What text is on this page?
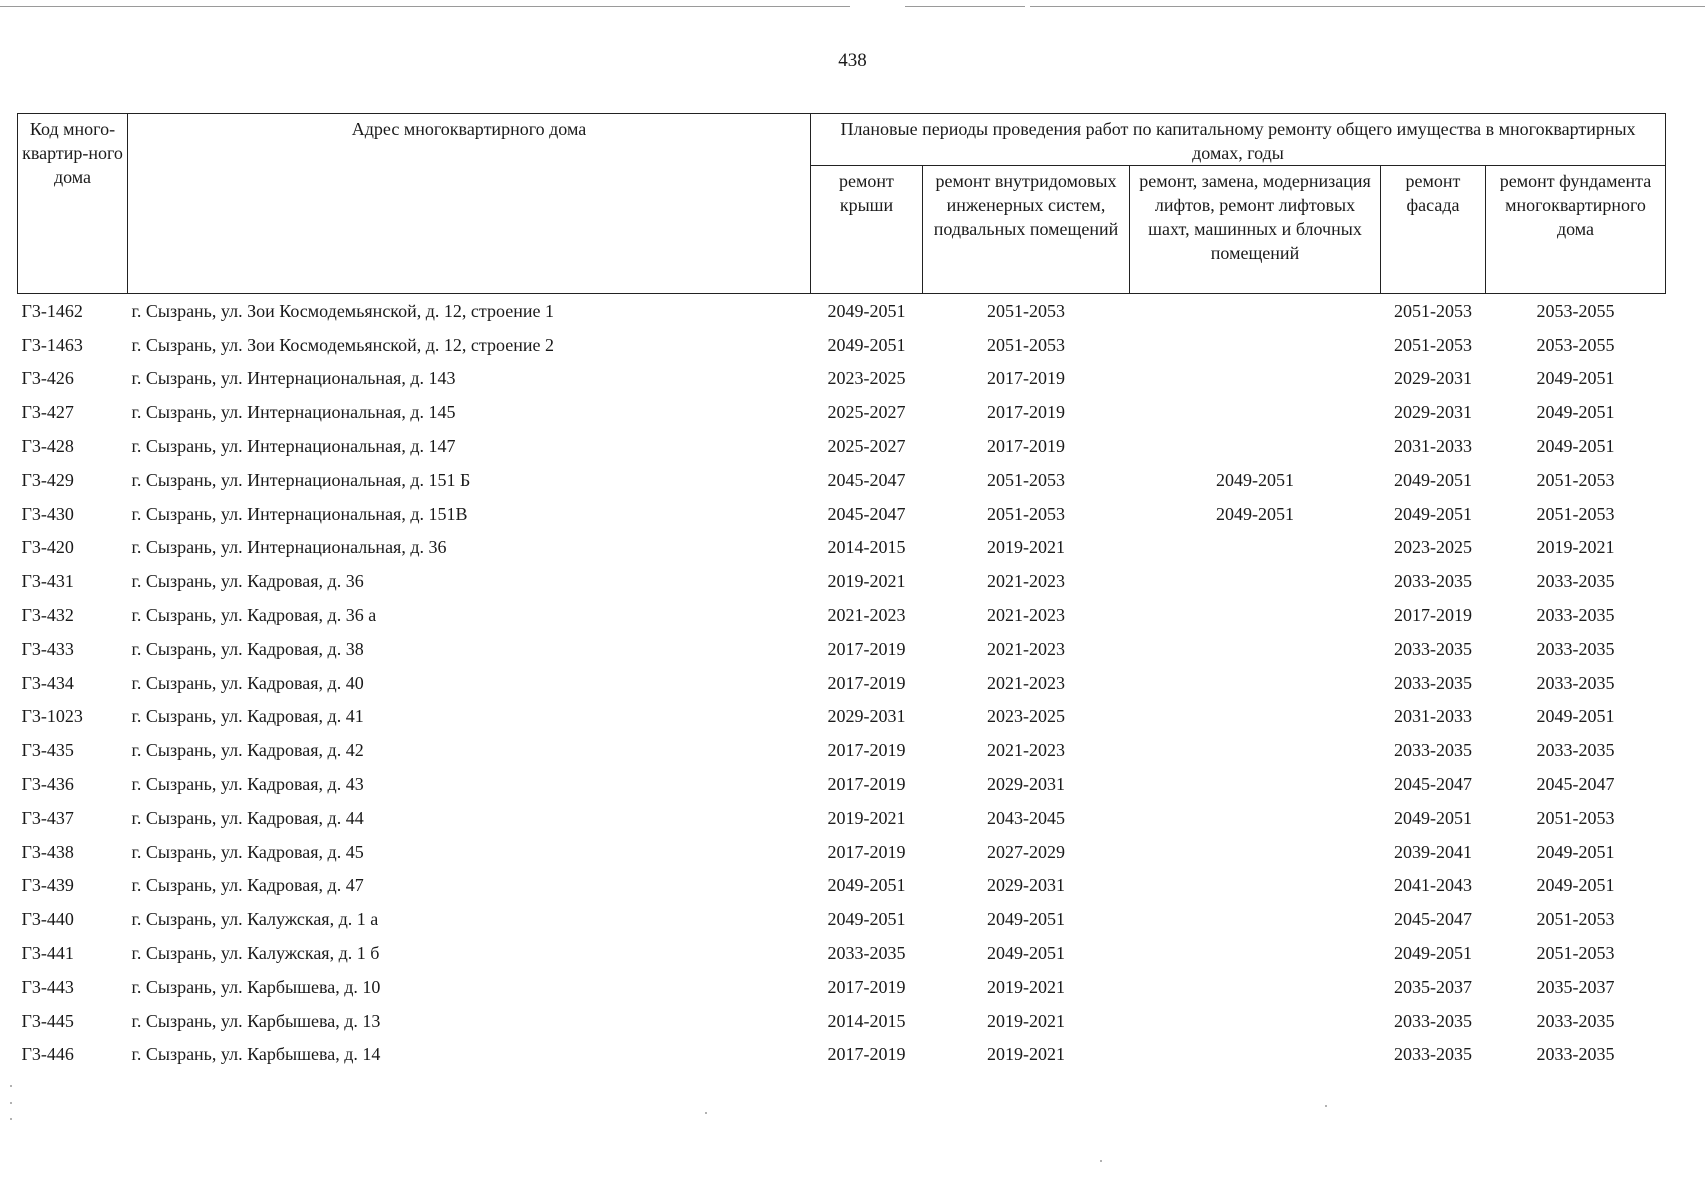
438
Код много-квартир-ного дома	Адрес многоквартирного дома	Плановые периоды проведения работ по капитальному ремонту общего имущества в многоквартирных домах, годы				
		ремонт крыши	ремонт внутридомовых инженерных систем, подвальных помещений	ремонт, замена, модернизация лифтов, ремонт лифтовых шахт, машинных и блочных помещений	ремонт фасада	ремонт фундамента многоквартирного дома
Г3-1462	г. Сызрань, ул. Зои Космодемьянской, д. 12, строение 1	2049-2051	2051-2053		2051-2053	2053-2055
Г3-1463	г. Сызрань, ул. Зои Космодемьянской, д. 12, строение 2	2049-2051	2051-2053		2051-2053	2053-2055
Г3-426	г. Сызрань, ул. Интернациональная, д. 143	2023-2025	2017-2019		2029-2031	2049-2051
Г3-427	г. Сызрань, ул. Интернациональная, д. 145	2025-2027	2017-2019		2029-2031	2049-2051
Г3-428	г. Сызрань, ул. Интернациональная, д. 147	2025-2027	2017-2019		2031-2033	2049-2051
Г3-429	г. Сызрань, ул. Интернациональная, д. 151 Б	2045-2047	2051-2053	2049-2051	2049-2051	2051-2053
Г3-430	г. Сызрань, ул. Интернациональная, д. 151В	2045-2047	2051-2053	2049-2051	2049-2051	2051-2053
Г3-420	г. Сызрань, ул. Интернациональная, д. 36	2014-2015	2019-2021		2023-2025	2019-2021
Г3-431	г. Сызрань, ул. Кадровая, д. 36	2019-2021	2021-2023		2033-2035	2033-2035
Г3-432	г. Сызрань, ул. Кадровая, д. 36 а	2021-2023	2021-2023		2017-2019	2033-2035
Г3-433	г. Сызрань, ул. Кадровая, д. 38	2017-2019	2021-2023		2033-2035	2033-2035
Г3-434	г. Сызрань, ул. Кадровая, д. 40	2017-2019	2021-2023		2033-2035	2033-2035
Г3-1023	г. Сызрань, ул. Кадровая, д. 41	2029-2031	2023-2025		2031-2033	2049-2051
Г3-435	г. Сызрань, ул. Кадровая, д. 42	2017-2019	2021-2023		2033-2035	2033-2035
Г3-436	г. Сызрань, ул. Кадровая, д. 43	2017-2019	2029-2031		2045-2047	2045-2047
Г3-437	г. Сызрань, ул. Кадровая, д. 44	2019-2021	2043-2045		2049-2051	2051-2053
Г3-438	г. Сызрань, ул. Кадровая, д. 45	2017-2019	2027-2029		2039-2041	2049-2051
Г3-439	г. Сызрань, ул. Кадровая, д. 47	2049-2051	2029-2031		2041-2043	2049-2051
Г3-440	г. Сызрань, ул. Калужская, д. 1 а	2049-2051	2049-2051		2045-2047	2051-2053
Г3-441	г. Сызрань, ул. Калужская, д. 1 б	2033-2035	2049-2051		2049-2051	2051-2053
Г3-443	г. Сызрань, ул. Карбышева, д. 10	2017-2019	2019-2021		2035-2037	2035-2037
Г3-445	г. Сызрань, ул. Карбышева, д. 13	2014-2015	2019-2021		2033-2035	2033-2035
Г3-446	г. Сызрань, ул. Карбышева, д. 14	2017-2019	2019-2021		2033-2035	2033-2035
